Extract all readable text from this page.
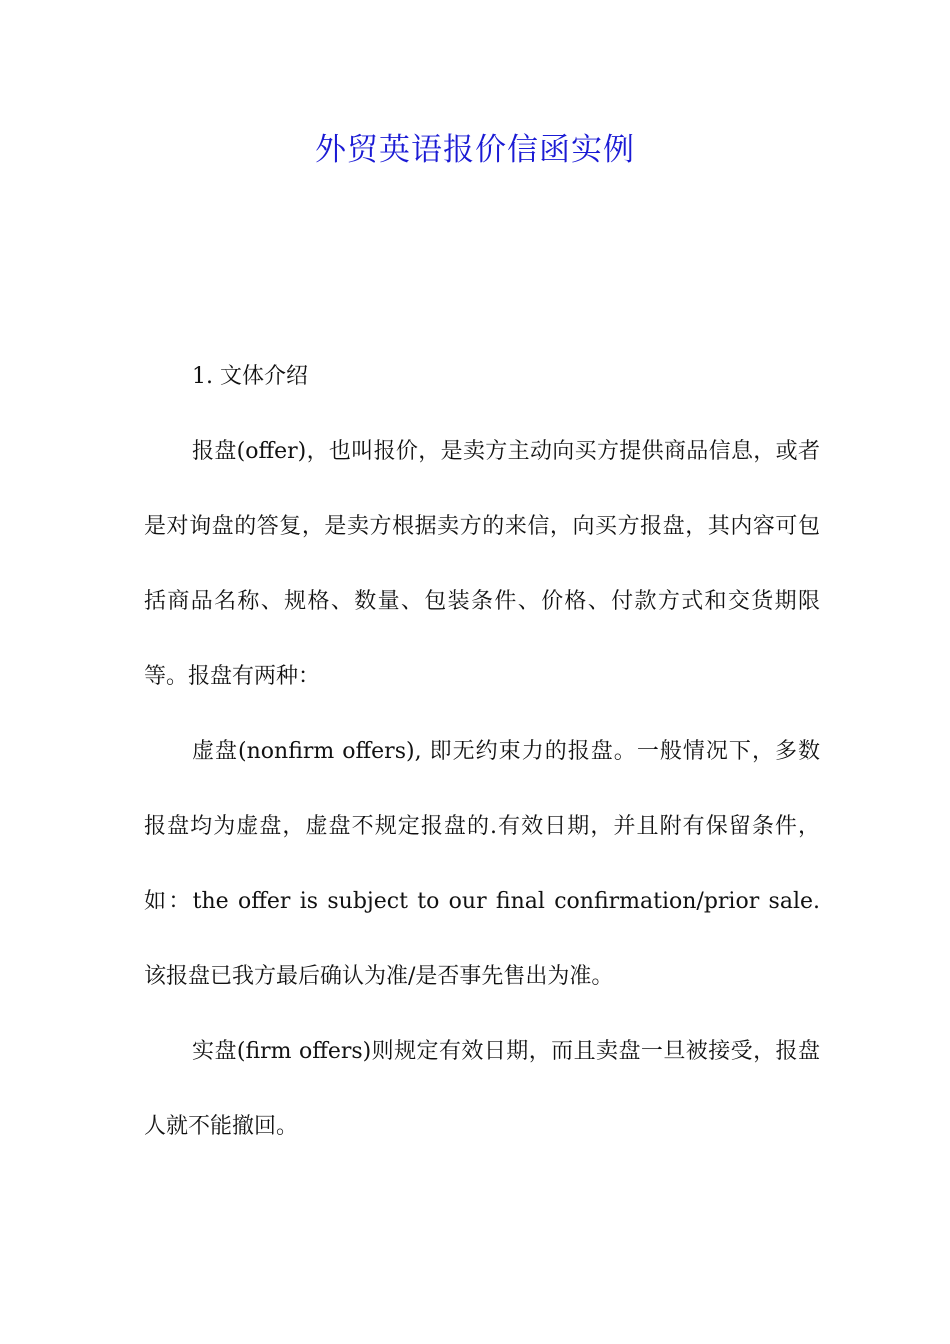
外贸英语报价信函实例

1. 文体介绍

报盘(offer)，也叫报价，是卖方主动向买方提供商品信息，或者是对询盘的答复，是卖方根据卖方的来信，向买方报盘，其内容可包括商品名称、规格、数量、包装条件、价格、付款方式和交货期限等。报盘有两种：

虚盘(nonfirm offers), 即无约束力的报盘。一般情况下，多数报盘均为虚盘，虚盘不规定报盘的.有效日期，并且附有保留条件，如：the offer is subject to our final confirmation/prior sale. 该报盘已我方最后确认为准/是否事先售出为准。

实盘(firm offers)则规定有效日期，而且卖盘一旦被接受，报盘人就不能撤回。
